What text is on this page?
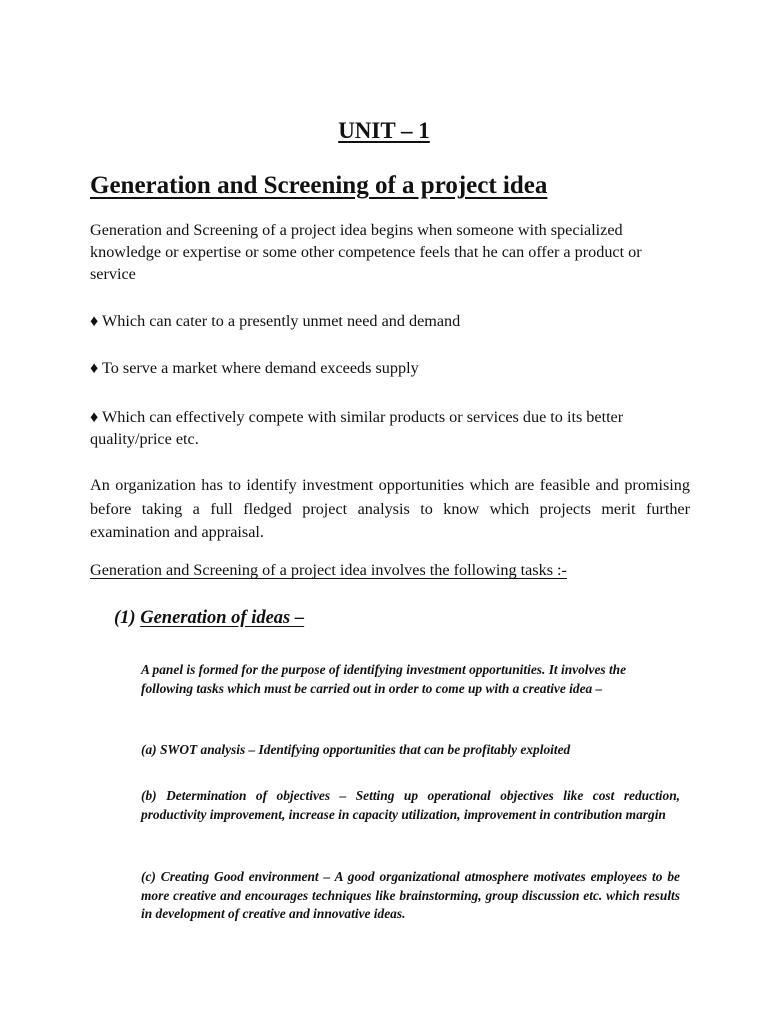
UNIT – 1
Generation and Screening of a project idea

Generation and Screening of a project idea begins when someone with specialized knowledge or expertise or some other competence feels that he can offer a product or service

♦ Which can cater to a presently unmet need and demand

♦ To serve a market where demand exceeds supply

♦ Which can effectively compete with similar products or services due to its better
quality/price etc.

An organization has to identify investment opportunities which are feasible and promising before taking a full fledged project analysis to know which projects merit further examination and appraisal.

Generation and Screening of a project idea involves the following tasks :-

(1) Generation of ideas –

A panel is formed for the purpose of identifying investment opportunities. It involves the following tasks which must be carried out in order to come up with a creative idea –

(a) SWOT analysis – Identifying opportunities that can be profitably exploited

(b) Determination of objectives – Setting up operational objectives like cost reduction, productivity improvement, increase in capacity utilization, improvement in contribution margin

(c) Creating Good environment – A good organizational atmosphere motivates employees to be more creative and encourages techniques like brainstorming, group discussion etc. which results in development of creative and innovative ideas.
